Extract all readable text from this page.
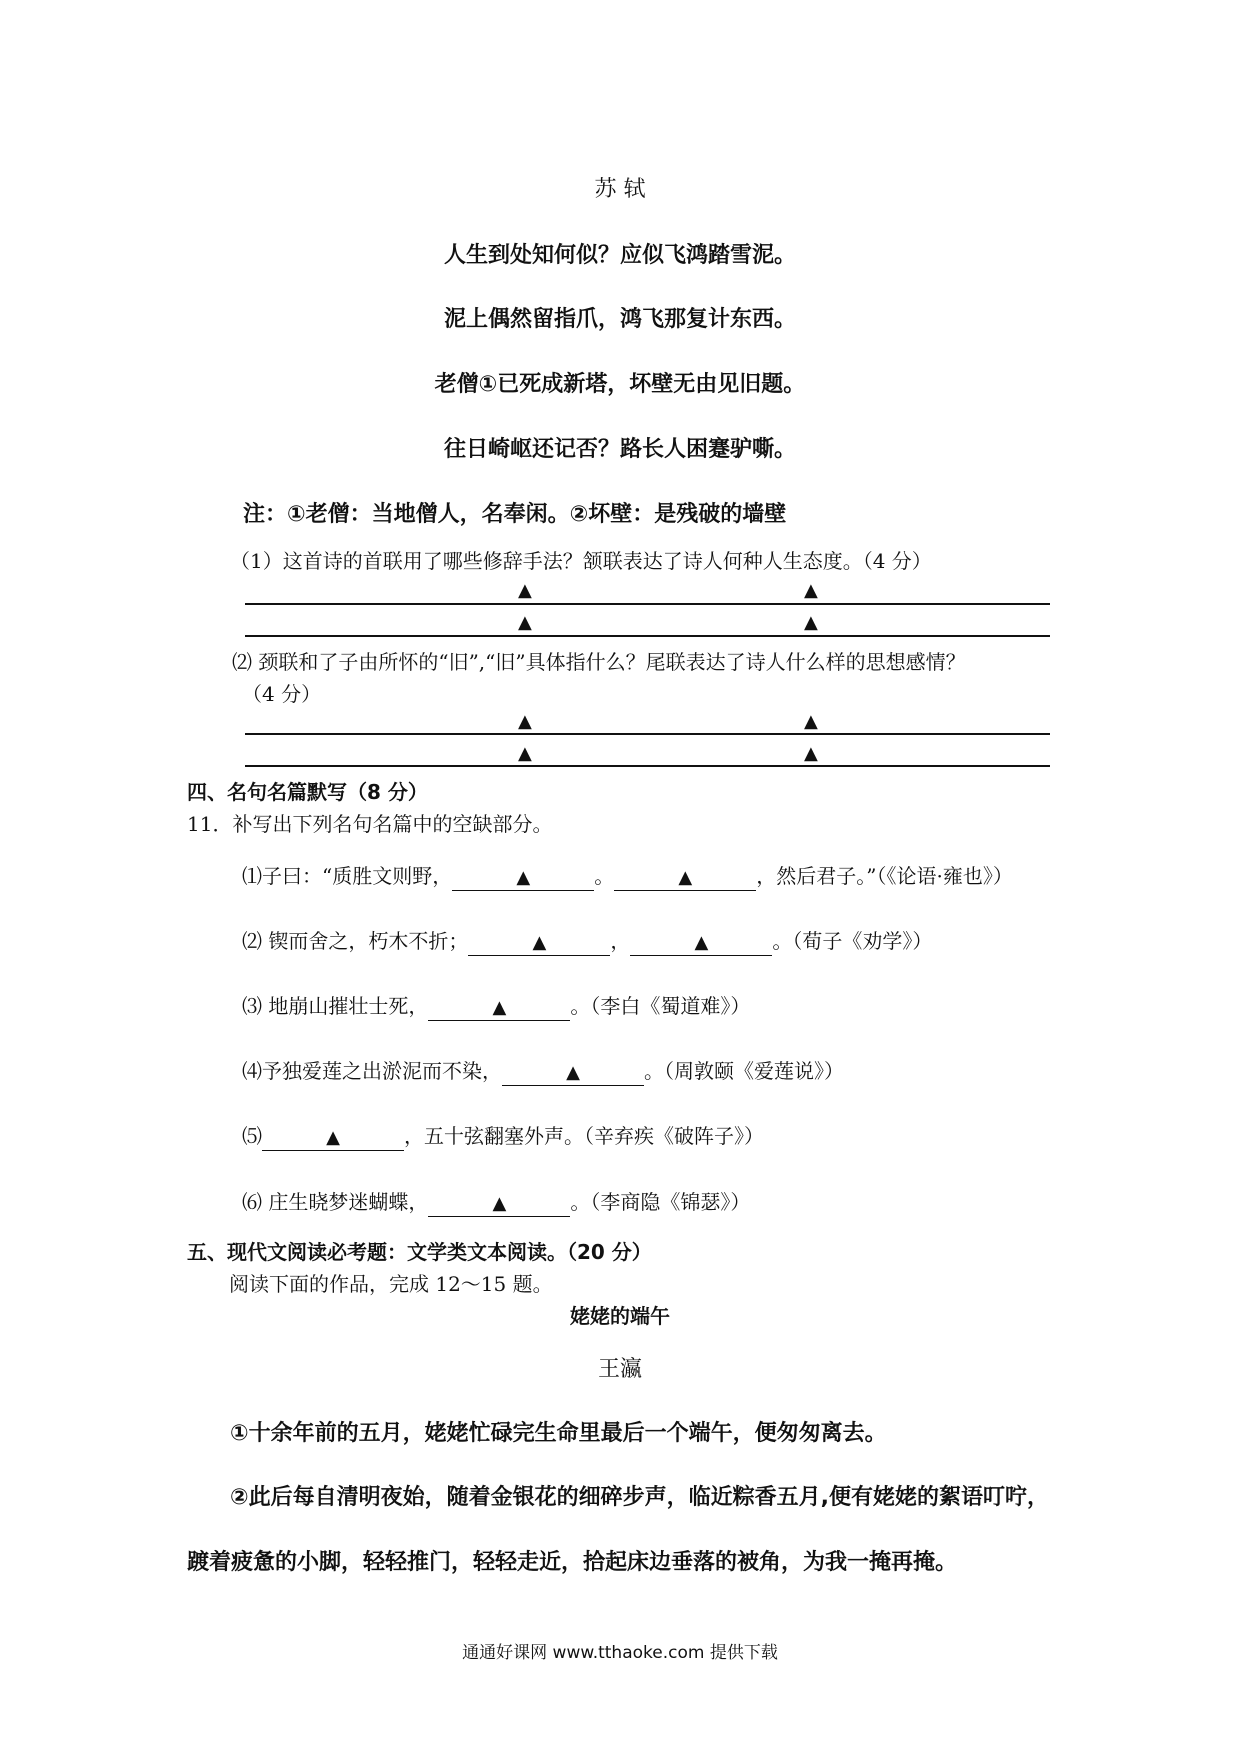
苏 轼
人生到处知何似？应似飞鸿踏雪泥。
泥上偶然留指爪，鸿飞那复计东西。
老僧①已死成新塔，坏壁无由见旧题。
往日崎岖还记否？路长人困蹇驴嘶。
注：①老僧：当地僧人，名奉闲。②坏壁：是残破的墙壁
（1）这首诗的首联用了哪些修辞手法？颔联表达了诗人何种人生态度。（4 分）
▲	▲
▲	▲
⑵ 颈联和了子由所怀的“旧”,“旧”具体指什么？尾联表达了诗人什么样的思想感情？
（4 分）
▲	▲
▲	▲
四、名句名篇默写（8 分）
11．补写出下列名句名篇中的空缺部分。
⑴子曰：“质胜文则野，	▲	。	▲	，然后君子。”（《论语·雍也》）
⑵ 锲而舍之，朽木不折；	▲	，	▲	。（荀子《劝学》）
⑶ 地崩山摧壮士死，	▲	。（李白《蜀道难》）
⑷予独爱莲之出淤泥而不染，	▲	。（周敦颐《爱莲说》）
⑸	▲	，五十弦翻塞外声。（辛弃疾《破阵子》）
⑹ 庄生晓梦迷蝴蝶，	▲	。（李商隐《锦瑟》）
五、现代文阅读必考题：文学类文本阅读。（20 分）
阅读下面的作品，完成 12～15 题。
姥姥的端午
王瀛
①十余年前的五月，姥姥忙碌完生命里最后一个端午，便匆匆离去。
②此后每自清明夜始，随着金银花的细碎步声，临近粽香五月,便有姥姥的絮语叮咛，
踱着疲惫的小脚，轻轻推门，轻轻走近，拾起床边垂落的被角，为我一掩再掩。
通通好课网 www.tthaoke.com 提供下载
